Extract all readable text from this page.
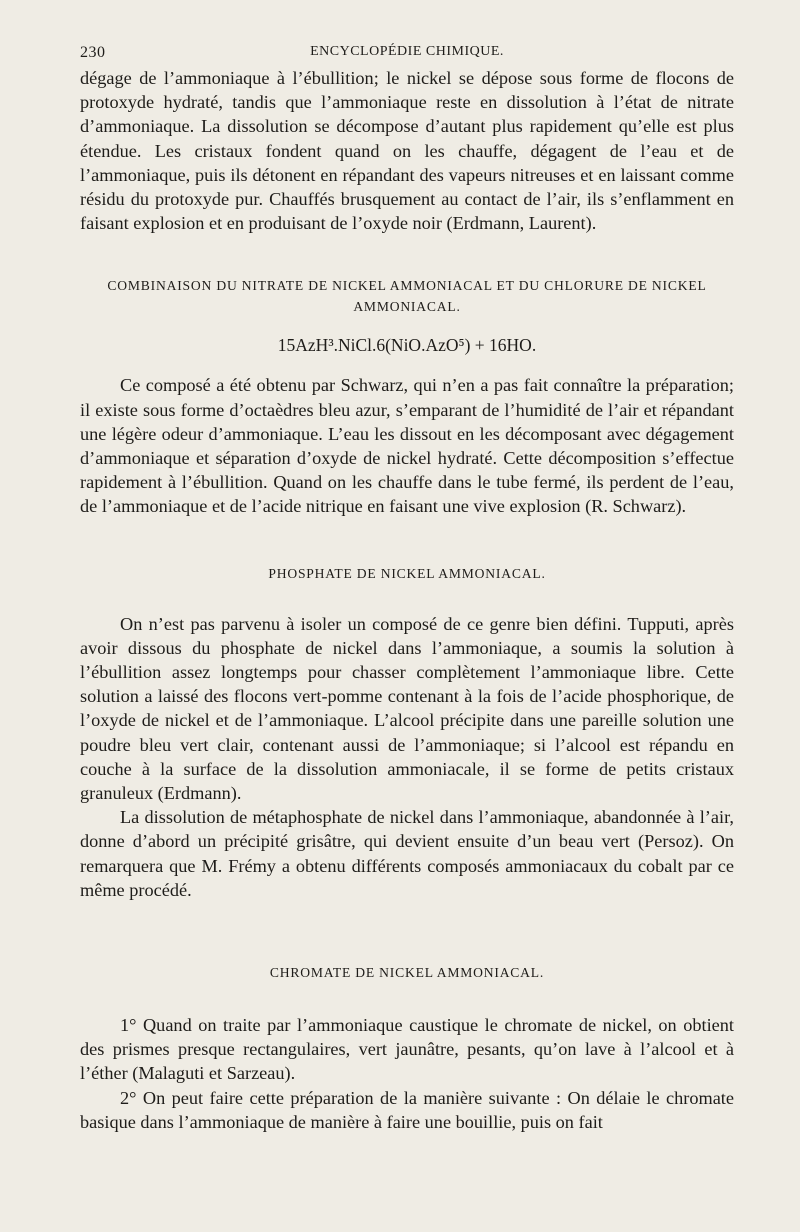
230	ENCYCLOPÉDIE CHIMIQUE.

dégage de l’ammoniaque à l’ébullition; le nickel se dépose sous forme de flocons de protoxyde hydraté, tandis que l’ammoniaque reste en dissolution à l’état de nitrate d’ammoniaque. La dissolution se décompose d’autant plus rapidement qu’elle est plus étendue. Les cristaux fondent quand on les chauffe, dégagent de l’eau et de l’ammoniaque, puis ils détonent en répandant des vapeurs nitreuses et en laissant comme résidu du protoxyde pur. Chauffés brusquement au contact de l’air, ils s’enflamment en faisant explosion et en produisant de l’oxyde noir (Erdmann, Laurent).

COMBINAISON DU NITRATE DE NICKEL AMMONIACAL ET DU CHLORURE DE NICKEL AMMONIACAL.

15AzH³.NiCl.6(NiO.AzO⁵) + 16HO.

Ce composé a été obtenu par Schwarz, qui n’en a pas fait connaître la préparation; il existe sous forme d’octaèdres bleu azur, s’emparant de l’humidité de l’air et répandant une légère odeur d’ammoniaque. L’eau les dissout en les décomposant avec dégagement d’ammoniaque et séparation d’oxyde de nickel hydraté. Cette décomposition s’effectue rapidement à l’ébullition. Quand on les chauffe dans le tube fermé, ils perdent de l’eau, de l’ammoniaque et de l’acide nitrique en faisant une vive explosion (R. Schwarz).

PHOSPHATE DE NICKEL AMMONIACAL.

On n’est pas parvenu à isoler un composé de ce genre bien défini. Tupputi, après avoir dissous du phosphate de nickel dans l’ammoniaque, a soumis la solution à l’ébullition assez longtemps pour chasser complètement l’ammoniaque libre. Cette solution a laissé des flocons vert-pomme contenant à la fois de l’acide phosphorique, de l’oxyde de nickel et de l’ammoniaque. L’alcool précipite dans une pareille solution une poudre bleu vert clair, contenant aussi de l’ammoniaque; si l’alcool est répandu en couche à la surface de la dissolution ammoniacale, il se forme de petits cristaux granuleux (Erdmann).

La dissolution de métaphosphate de nickel dans l’ammoniaque, abandonnée à l’air, donne d’abord un précipité grisâtre, qui devient ensuite d’un beau vert (Persoz). On remarquera que M. Frémy a obtenu différents composés ammoniacaux du cobalt par ce même procédé.

CHROMATE DE NICKEL AMMONIACAL.

1° Quand on traite par l’ammoniaque caustique le chromate de nickel, on obtient des prismes presque rectangulaires, vert jaunâtre, pesants, qu’on lave à l’alcool et à l’éther (Malaguti et Sarzeau).

2° On peut faire cette préparation de la manière suivante : On délaie le chromate basique dans l’ammoniaque de manière à faire une bouillie, puis on fait
